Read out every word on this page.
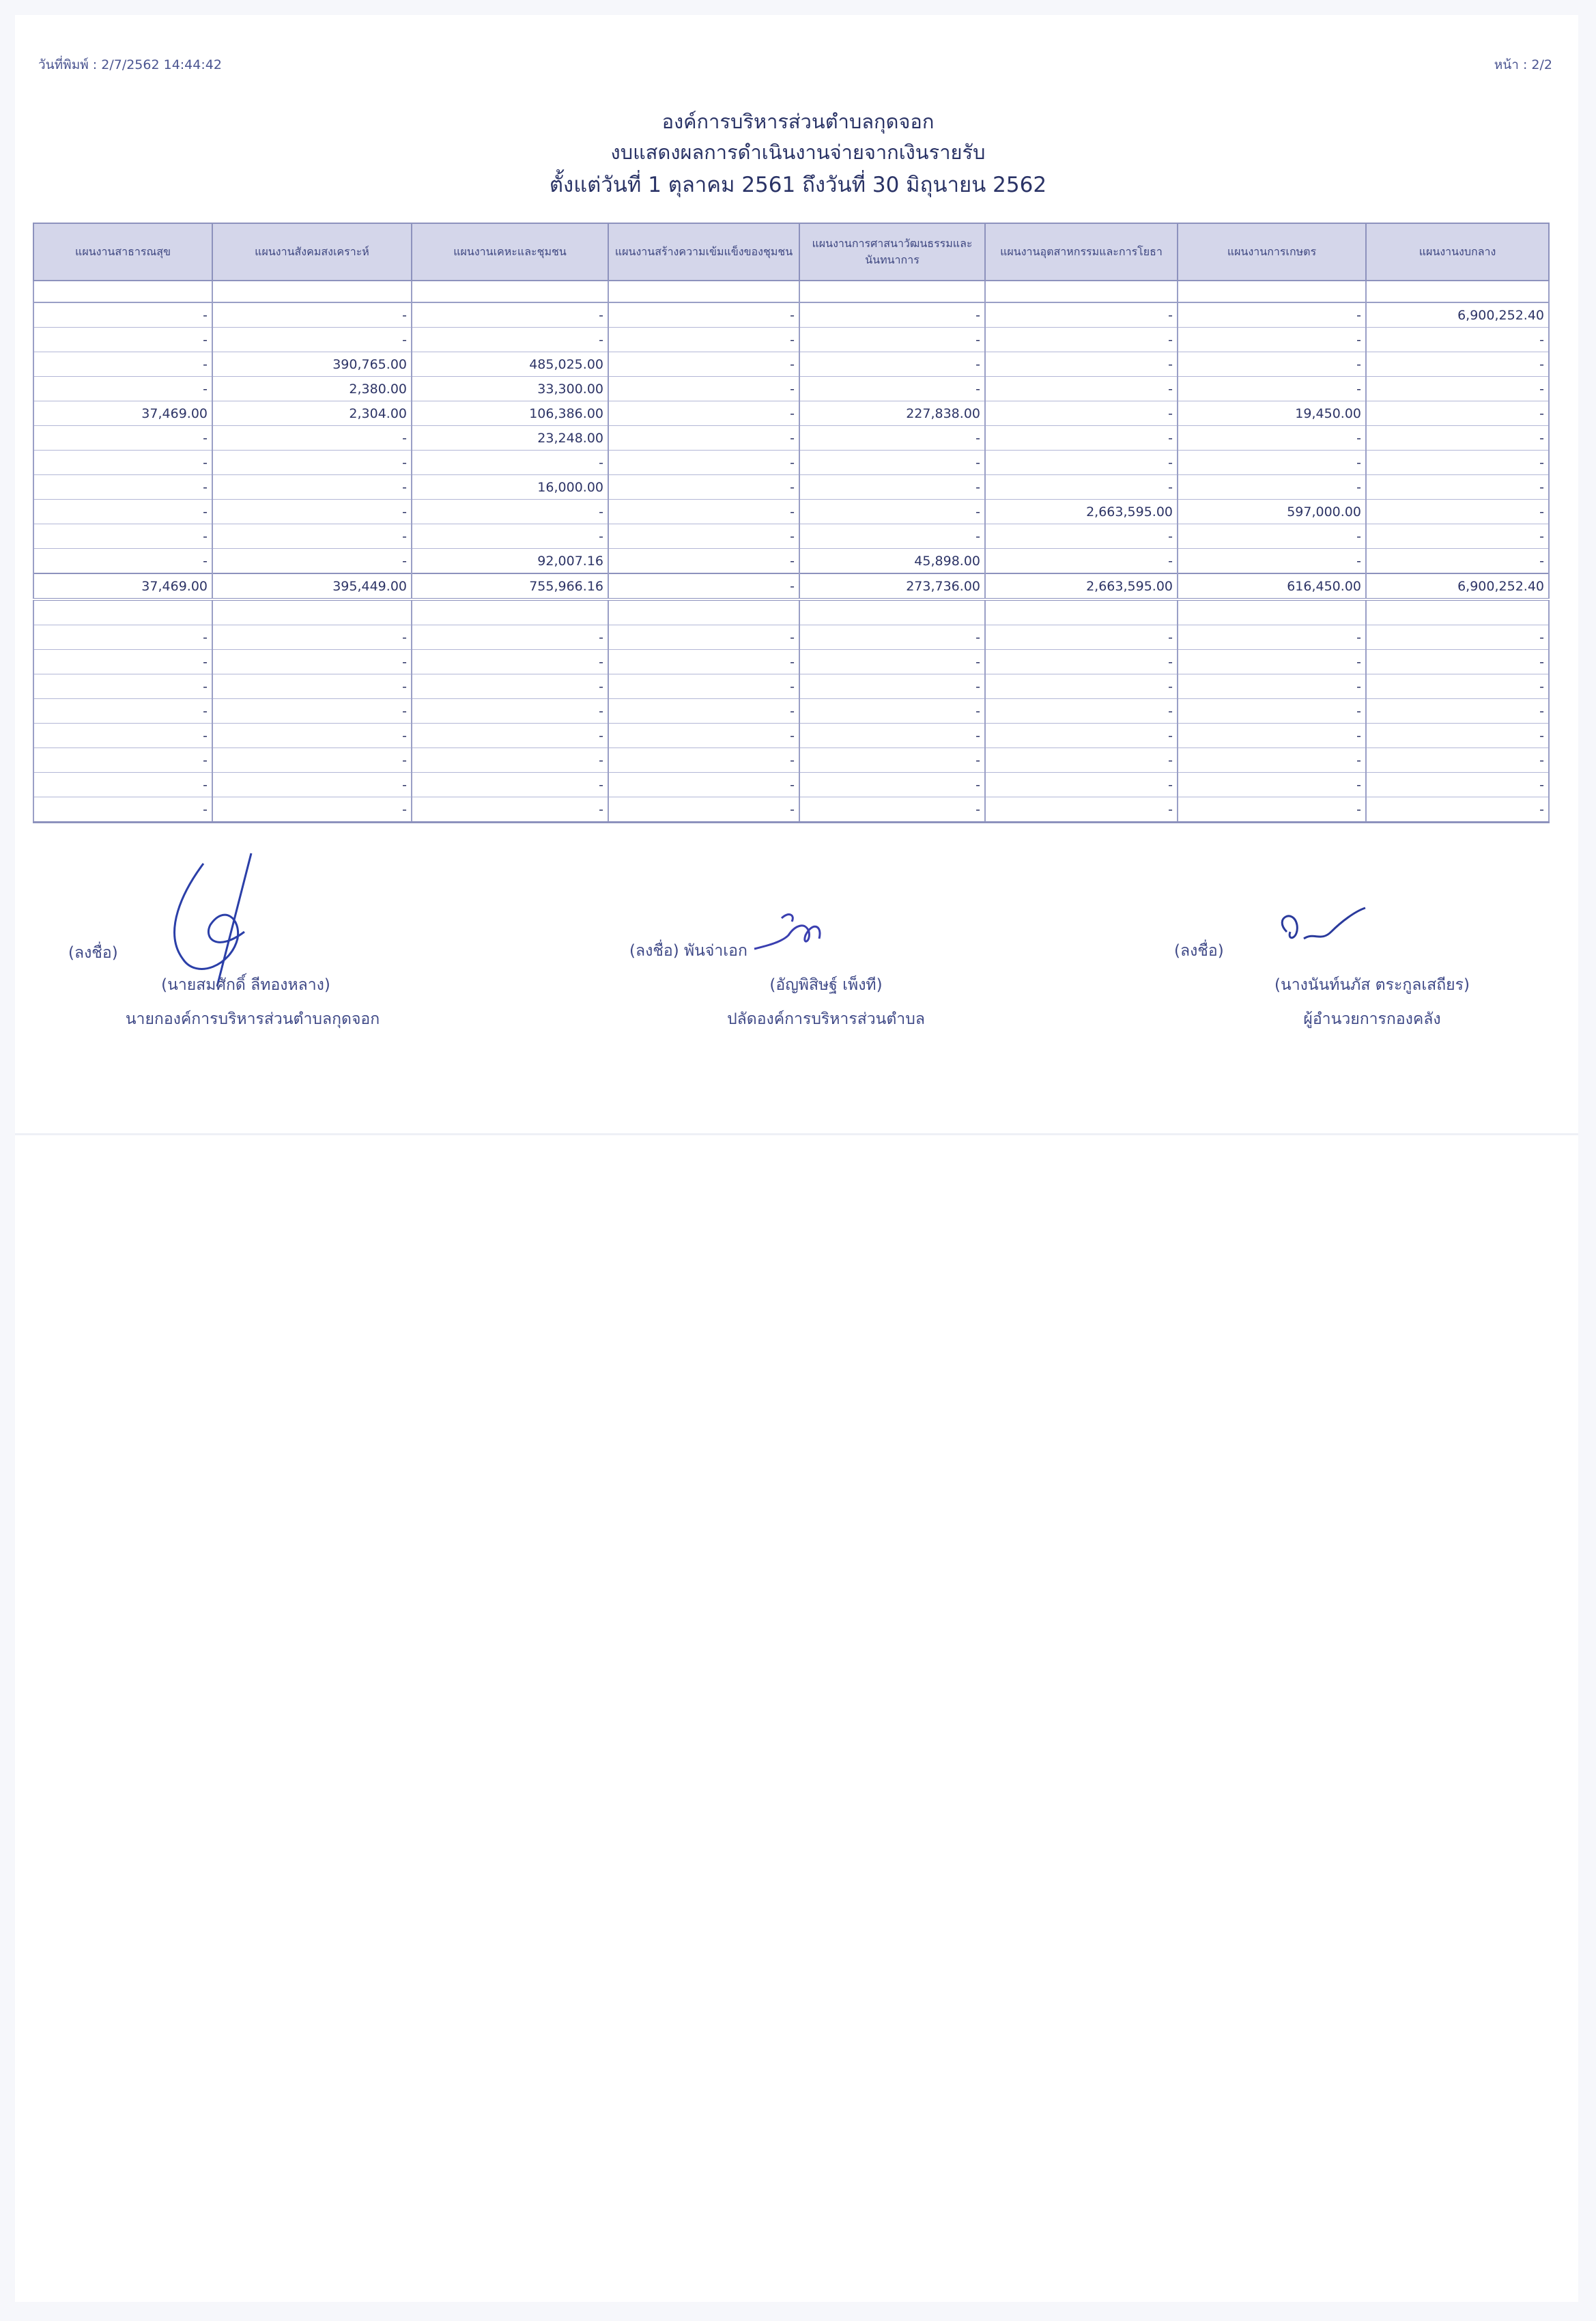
วันที่พิมพ์ : 2/7/2562 14:44:42	หน้า : 2/2
องค์การบริหารส่วนตำบลกุดจอก
งบแสดงผลการดำเนินงานจ่ายจากเงินรายรับ
ตั้งแต่วันที่ 1 ตุลาคม 2561 ถึงวันที่ 30 มิถุนายน 2562
แผนงานสาธารณสุข	แผนงานสังคมสงเคราะห์	แผนงานเคหะและชุมชน	แผนงานสร้างความเข้มแข็งของชุมชน	แผนงานการศาสนาวัฒนธรรมและนันทนาการ	แผนงานอุตสาหกรรมและการโยธา	แผนงานการเกษตร	แผนงานงบกลาง

-	-	-	-	-	-	-	6,900,252.40
-	-	-	-	-	-	-	-
-	390,765.00	485,025.00	-	-	-	-	-
-	2,380.00	33,300.00	-	-	-	-	-
37,469.00	2,304.00	106,386.00	-	227,838.00	-	19,450.00	-
-	-	23,248.00	-	-	-	-	-
-	-	-	-	-	-	-	-
-	-	16,000.00	-	-	-	-	-
-	-	-	-	-	2,663,595.00	597,000.00	-
-	-	-	-	-	-	-	-
-	-	92,007.16	-	45,898.00	-	-	-
37,469.00	395,449.00	755,966.16	-	273,736.00	2,663,595.00	616,450.00	6,900,252.40

-	-	-	-	-	-	-	-
-	-	-	-	-	-	-	-
-	-	-	-	-	-	-	-
-	-	-	-	-	-	-	-
-	-	-	-	-	-	-	-
-	-	-	-	-	-	-	-
-	-	-	-	-	-	-	-
-	-	-	-	-	-	-	-
(ลงชื่อ)
(นายสมศักดิ์ ลีทองหลาง)
นายกองค์การบริหารส่วนตำบลกุดจอก
(ลงชื่อ) พันจ่าเอก
(อัญพิสิษฐ์ เพ็งที)
ปลัดองค์การบริหารส่วนตำบล
(ลงชื่อ)
(นางนันท์นภัส ตระกูลเสถียร)
ผู้อำนวยการกองคลัง
